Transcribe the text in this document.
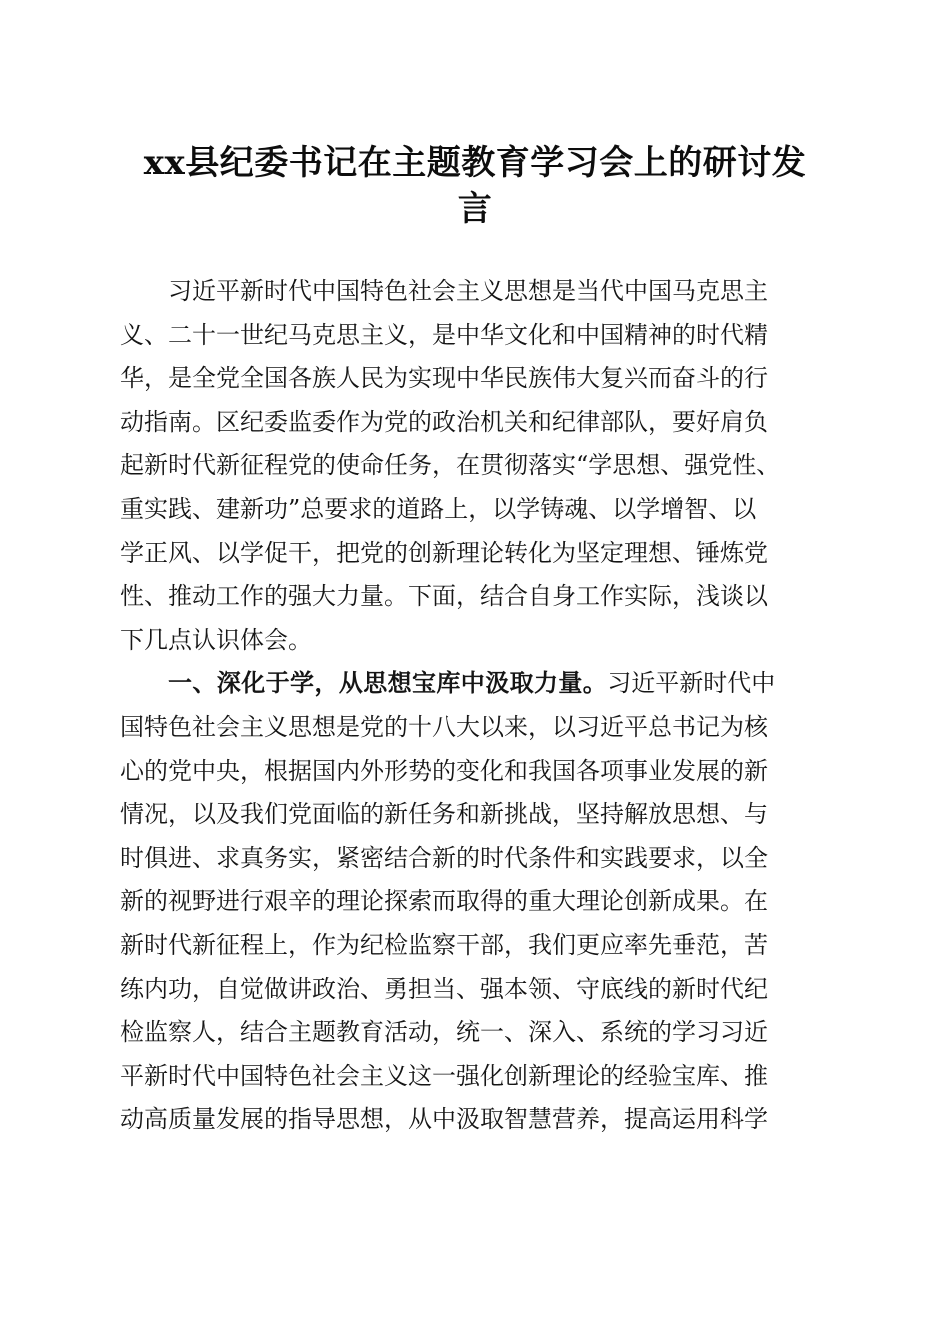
xx县纪委书记在主题教育学习会上的研讨发
言
习近平新时代中国特色社会主义思想是当代中国马克思主
义、二十一世纪马克思主义，是中华文化和中国精神的时代精
华，是全党全国各族人民为实现中华民族伟大复兴而奋斗的行
动指南。区纪委监委作为党的政治机关和纪律部队，要好肩负
起新时代新征程党的使命任务，在贯彻落实“学思想、强党性、
重实践、建新功”总要求的道路上，以学铸魂、以学增智、以
学正风、以学促干，把党的创新理论转化为坚定理想、锤炼党
性、推动工作的强大力量。下面，结合自身工作实际，浅谈以
下几点认识体会。
一、深化于学，从思想宝库中汲取力量。习近平新时代中
国特色社会主义思想是党的十八大以来，以习近平总书记为核
心的党中央，根据国内外形势的变化和我国各项事业发展的新
情况，以及我们党面临的新任务和新挑战，坚持解放思想、与
时俱进、求真务实，紧密结合新的时代条件和实践要求，以全
新的视野进行艰辛的理论探索而取得的重大理论创新成果。在
新时代新征程上，作为纪检监察干部，我们更应率先垂范，苦
练内功，自觉做讲政治、勇担当、强本领、守底线的新时代纪
检监察人，结合主题教育活动，统一、深入、系统的学习习近
平新时代中国特色社会主义这一强化创新理论的经验宝库、推
动高质量发展的指导思想，从中汲取智慧营养，提高运用科学
